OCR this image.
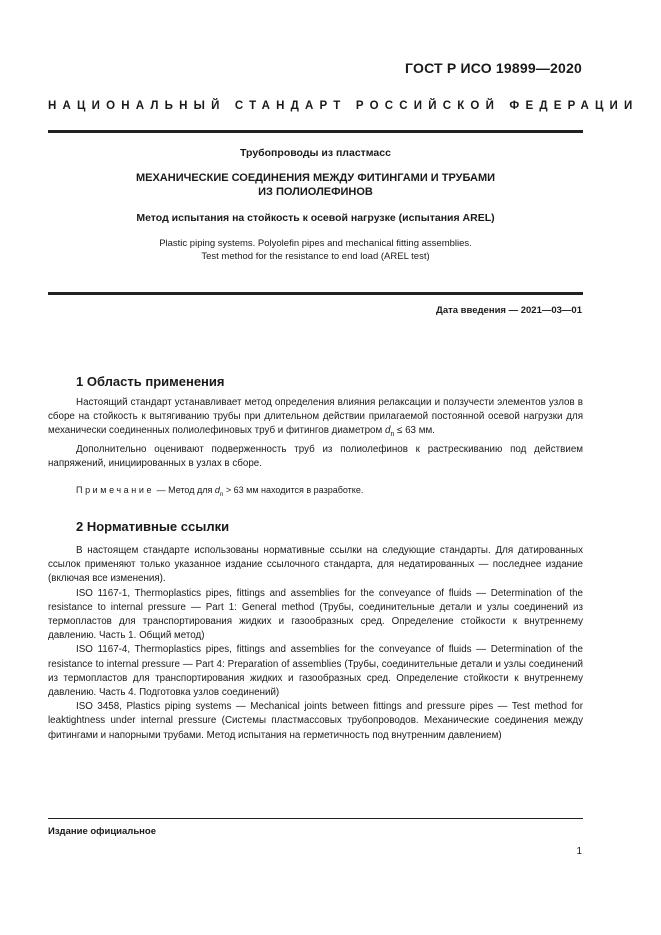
ГОСТ Р ИСО 19899—2020
НАЦИОНАЛЬНЫЙ СТАНДАРТ РОССИЙСКОЙ ФЕДЕРАЦИИ
Трубопроводы из пластмасс
МЕХАНИЧЕСКИЕ СОЕДИНЕНИЯ МЕЖДУ ФИТИНГАМИ И ТРУБАМИ
ИЗ ПОЛИОЛЕФИНОВ
Метод испытания на стойкость к осевой нагрузке (испытания AREL)
Plastic piping systems. Polyolefin pipes and mechanical fitting assemblies.
Test method for the resistance to end load (AREL test)
Дата введения — 2021—03—01
1 Область применения

Настоящий стандарт устанавливает метод определения влияния релаксации и ползучести элементов узлов в сборе на стойкость к вытягиванию трубы при длительном действии прилагаемой постоянной осевой нагрузки для механически соединенных полиолефиновых труб и фитингов диаметром $d_n \le 63$ мм.

Дополнительно оценивают подверженность труб из полиолефинов к растрескиванию под действием напряжений, инициированных в узлах в сборе.

Примечание — Метод для $d_n > 63$ мм находится в разработке.
2 Нормативные ссылки

В настоящем стандарте использованы нормативные ссылки на следующие стандарты. Для датированных ссылок применяют только указанное издание ссылочного стандарта, для недатированных — последнее издание (включая все изменения).

ISO 1167-1, Thermoplastics pipes, fittings and assemblies for the conveyance of fluids — Determination of the resistance to internal pressure — Part 1: General method (Трубы, соединительные детали и узлы соединений из термопластов для транспортирования жидких и газообразных сред. Определение стойкости к внутреннему давлению. Часть 1. Общий метод)

ISO 1167-4, Thermoplastics pipes, fittings and assemblies for the conveyance of fluids — Determination of the resistance to internal pressure — Part 4: Preparation of assemblies (Трубы, соединительные детали и узлы соединений из термопластов для транспортирования жидких и газообразных сред. Определение стойкости к внутреннему давлению. Часть 4. Подготовка узлов соединений)

ISO 3458, Plastics piping systems — Mechanical joints between fittings and pressure pipes — Test method for leaktightness under internal pressure (Системы пластмассовых трубопроводов. Механические соединения между фитингами и напорными трубами. Метод испытания на герметичность под внутренним давлением)

Издание официальное
1
